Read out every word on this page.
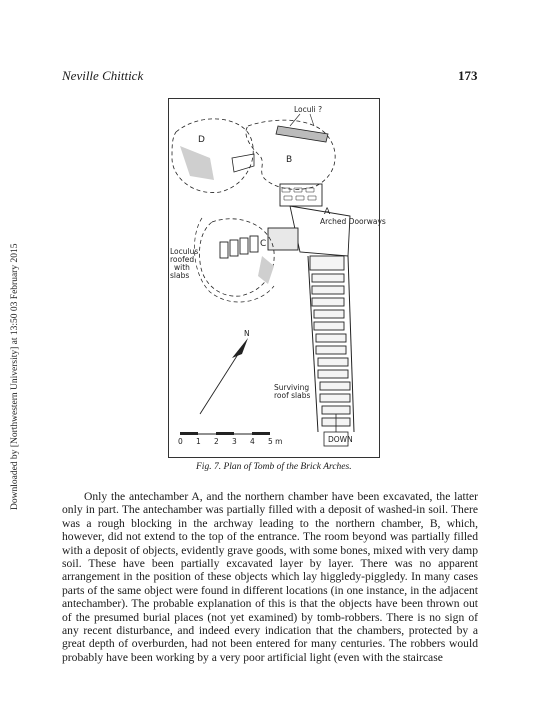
Neville Chittick	173
Downloaded by [Northwestern University] at 13:50 03 February 2015
Loculi ?
D
B
A
C
Arched Doorways
Loculus
roofed
with
slabs
N
Surviving
roof slabs
DOWN
0 1 2 3 4 5 m
Fig. 7. Plan of Tomb of the Brick Arches.

Only the antechamber A, and the northern chamber have been excavated, the latter only in part. The antechamber was partially filled with a deposit of washed-in soil. There was a rough blocking in the archway leading to the northern chamber, B, which, however, did not extend to the top of the entrance. The room beyond was partially filled with a deposit of objects, evidently grave goods, with some bones, mixed with very damp soil. These have been partially excavated layer by layer. There was no apparent arrangement in the position of these objects which lay higgledy-piggledy. In many cases parts of the same object were found in different locations (in one instance, in the adjacent antechamber). The probable explanation of this is that the objects have been thrown out of the presumed burial places (not yet examined) by tomb-robbers. There is no sign of any recent disturbance, and indeed every indication that the chambers, protected by a great depth of overburden, had not been entered for many centuries. The robbers would probably have been working by a very poor artificial light (even with the staircase
